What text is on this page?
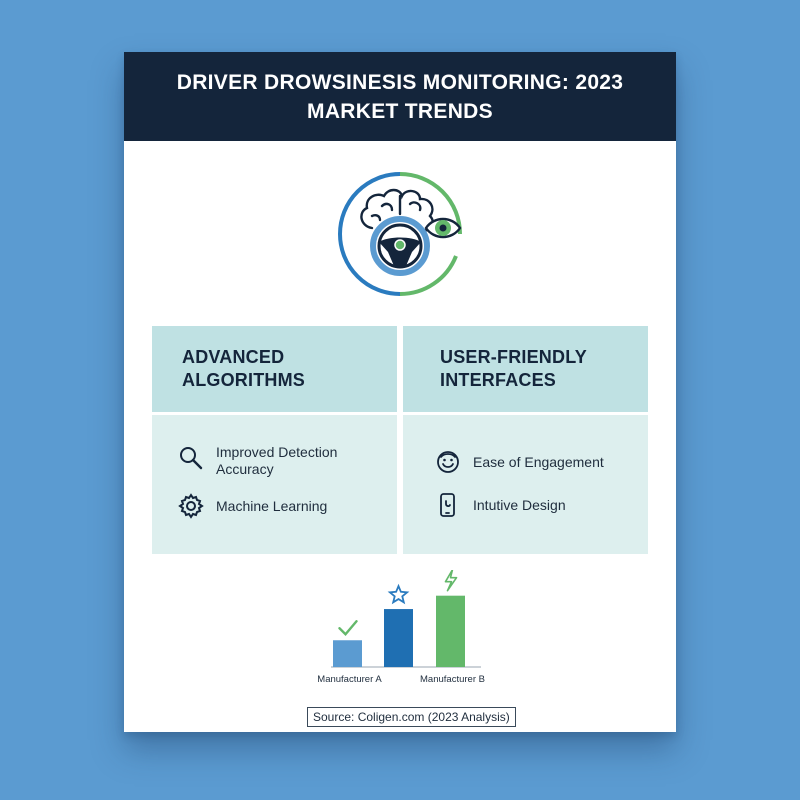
DRIVER DROWSINESIS MONITORING: 2023 MARKET TRENDS
ADVANCED ALGORITHMS
USER-FRIENDLY INTERFACES
Improved Detection Accuracy
Machine Learning
Ease of Engagement
Intutive Design
Manufacturer A	Manufacturer B
Source: Coligen.com (2023 Analysis)
